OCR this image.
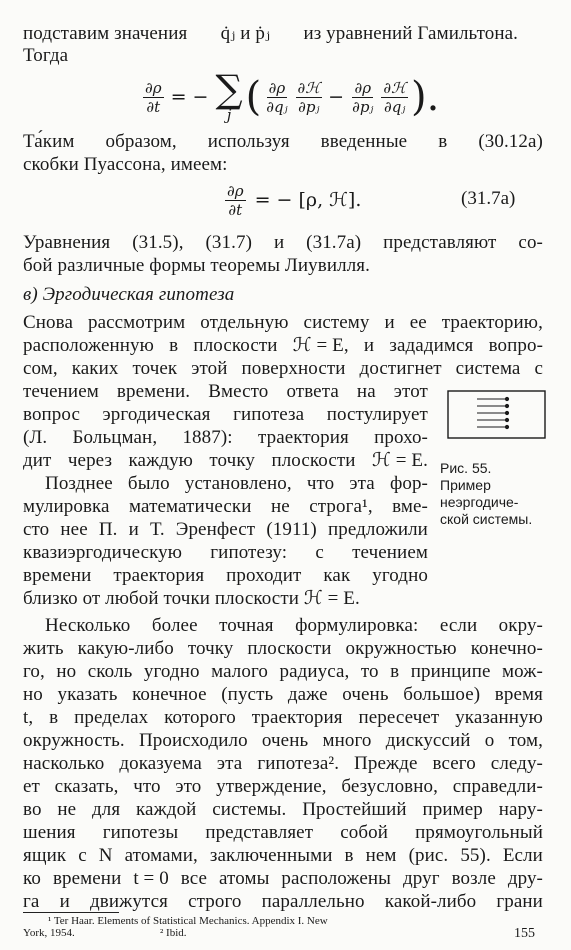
подставим значения q̇ⱼ и ṗⱼ из уравнений Гамильтона.
Тогда
$\frac{\partial\rho}{\partial t}$ = − ∑
j ( $\frac{\partial\rho}{\text{∂qⱼ}} \frac{\text{∂ℋ}}{\text{∂pⱼ}} - \frac{\partial\rho}{\text{∂pⱼ}} \frac{\text{∂ℋ}}{\text{∂qⱼ}}$ ).
Та́ким образом, используя введенные в (30.12а)
скобки Пуассона, имеем:
$\frac{\partial\rho}{\partial t}$ = − [ρ, ℋ].	(31.7а)
Уравнения (31.5), (31.7) и (31.7а) представляют со-
бой различные формы теоремы Лиувилля.
в) Эргодическая гипотеза
Снова рассмотрим отдельную систему и ее траекторию,
расположенную в плоскости ℋ = E, и зададимся вопро-
сом, каких точек этой поверхности достигнет система с
течением времени. Вместо ответа на этот
вопрос эргодическая гипотеза постулирует
(Л. Больцман, 1887): траектория прохо-
дит через каждую точку плоскости ℋ = E.
Позднее было установлено, что эта фор-
мулировка математически не строга¹, вме-
сто нее П. и Т. Эренфест (1911) предложили
квазиэргодическую гипотезу: с течением
времени траектория проходит как угодно
близко от любой точки плоскости ℋ = E.
Рис. 55.
Пример
неэргодиче-
ской системы.
Несколько более точная формулировка: если окру-
жить какую-либо точку плоскости окружностью конечно-
го, но сколь угодно малого радиуса, то в принципе мож-
но указать конечное (пусть даже очень большое) время
t, в пределах которого траектория пересечет указанную
окружность. Происходило очень много дискуссий о том,
насколько доказуема эта гипотеза². Прежде всего следу-
ет сказать, что это утверждение, безусловно, справедли-
во не для каждой системы. Простейший пример нару-
шения гипотезы представляет собой прямоугольный
ящик с N атомами, заключенными в нем (рис. 55). Если
ко времени t = 0 все атомы расположены друг возле дру-
га и движутся строго параллельно какой-либо грани
¹ Ter Haar. Elements of Statistical Mechanics. Appendix I. New
York, 1954.	² Ibid.	155
